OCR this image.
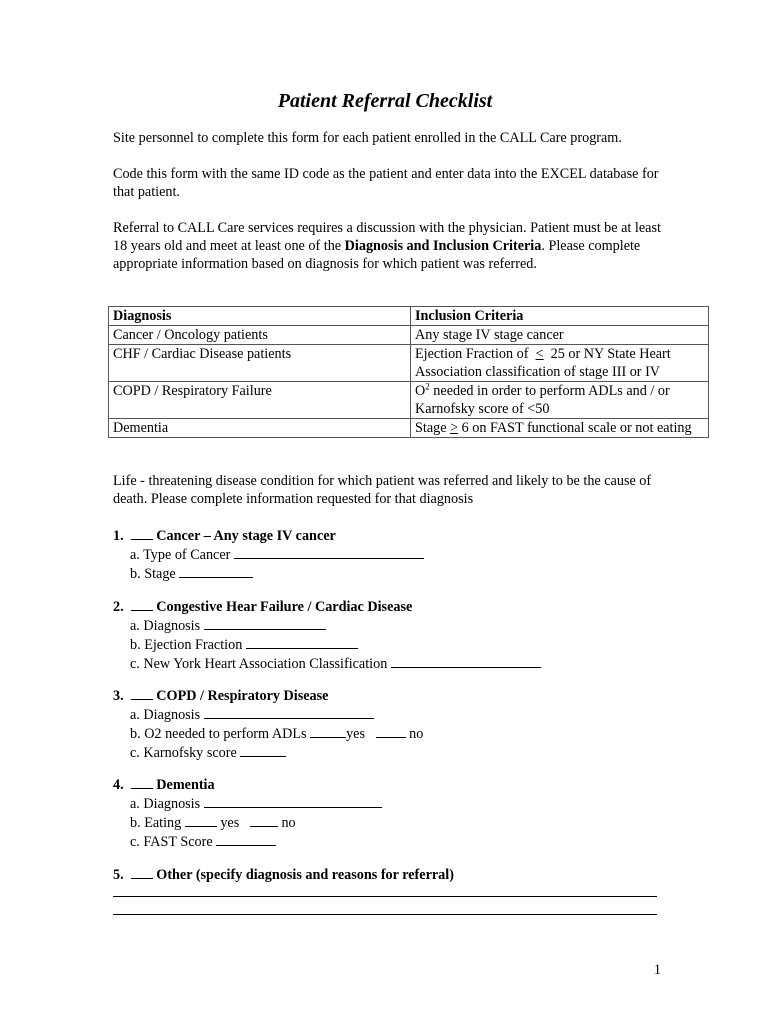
Patient Referral Checklist

Site personnel to complete this form for each patient enrolled in the CALL Care program.

Code this form with the same ID code as the patient and enter data into the EXCEL database for that patient.

Referral to CALL Care services requires a discussion with the physician. Patient must be at least 18 years old and meet at least one of the Diagnosis and Inclusion Criteria. Please complete appropriate information based on diagnosis for which patient was referred.

Diagnosis	Inclusion Criteria
Cancer / Oncology patients	Any stage IV stage cancer
CHF / Cardiac Disease patients	Ejection Fraction of  <  25 or NY State Heart Association classification of stage III or IV
COPD / Respiratory Failure	$O^2$ needed in order to perform ADLs and / or Karnofsky score of <50
Dementia	Stage > 6 on FAST functional scale or not eating

Life - threatening disease condition for which patient was referred and likely to be the cause of death. Please complete information requested for that diagnosis

1. Cancer – Any stage IV cancer
a. Type of Cancer
b. Stage
2. Congestive Hear Failure / Cardiac Disease
a. Diagnosis
b. Ejection Fraction
c. New York Heart Association Classification
3. COPD / Respiratory Disease
a. Diagnosis
b. O2 needed to perform ADLs	yes	no
c. Karnofsky score
4. Dementia
a. Diagnosis
b. Eating	yes	no
c. FAST Score
5. Other (specify diagnosis and reasons for referral)
1
